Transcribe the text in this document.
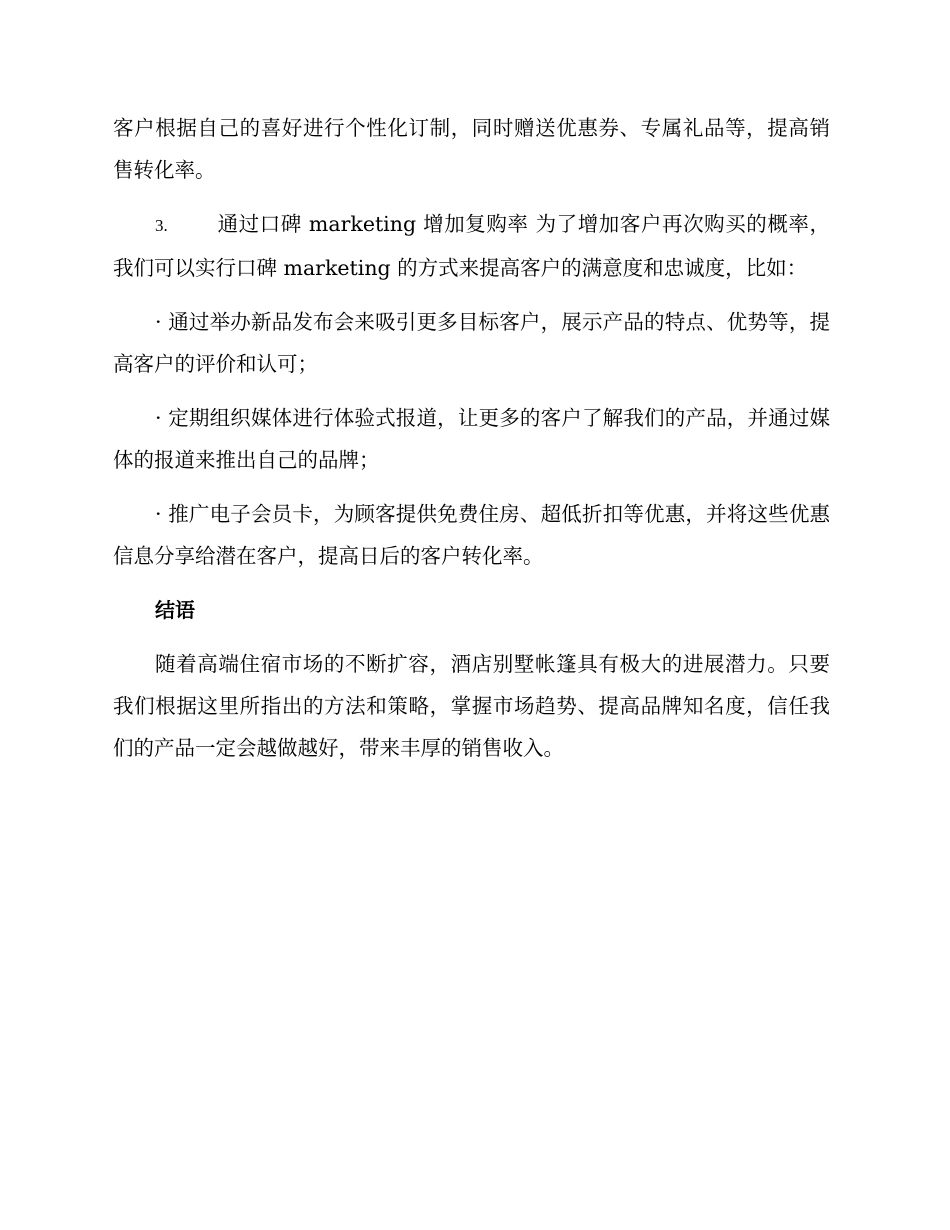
客户根据自己的喜好进行个性化订制，同时赠送优惠券、专属礼品等，提高销售转化率。

3. 通过口碑 marketing 增加复购率 为了增加客户再次购买的概率，我们可以实行口碑 marketing 的方式来提高客户的满意度和忠诚度，比如：

· 通过举办新品发布会来吸引更多目标客户，展示产品的特点、优势等，提高客户的评价和认可；

· 定期组织媒体进行体验式报道，让更多的客户了解我们的产品，并通过媒体的报道来推出自己的品牌；

· 推广电子会员卡，为顾客提供免费住房、超低折扣等优惠，并将这些优惠信息分享给潜在客户，提高日后的客户转化率。

结语

随着高端住宿市场的不断扩容，酒店别墅帐篷具有极大的进展潜力。只要我们根据这里所指出的方法和策略，掌握市场趋势、提高品牌知名度，信任我们的产品一定会越做越好，带来丰厚的销售收入。
